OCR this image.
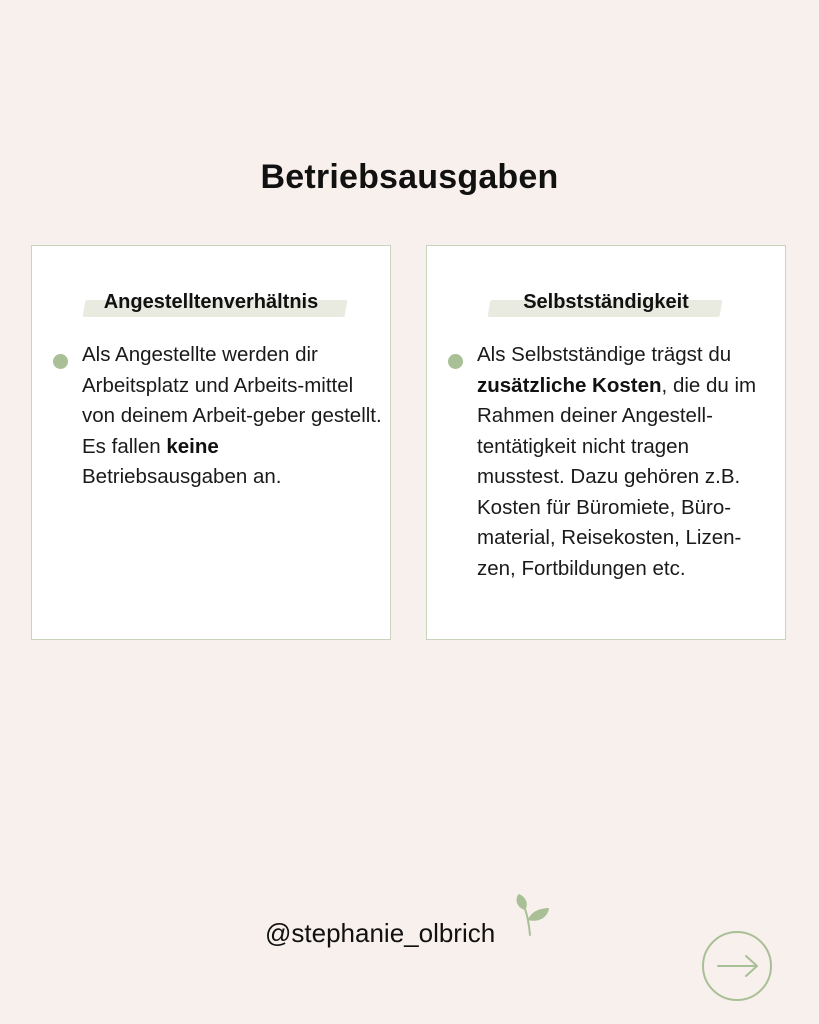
Betriebsausgaben
Angestelltenverhältnis
Als Angestellte werden dir Arbeitsplatz und Arbeits-mittel von deinem Arbeit-geber gestellt. Es fallen keine Betriebsausgaben an.
Selbstständigkeit
Als Selbstständige trägst du zusätzliche Kosten, die du im Rahmen deiner Angestell-tentätigkeit nicht tragen musstest. Dazu gehören z.B. Kosten für Büromiete, Büro-material, Reisekosten, Lizen-zen, Fortbildungen etc.
@stephanie_olbrich
